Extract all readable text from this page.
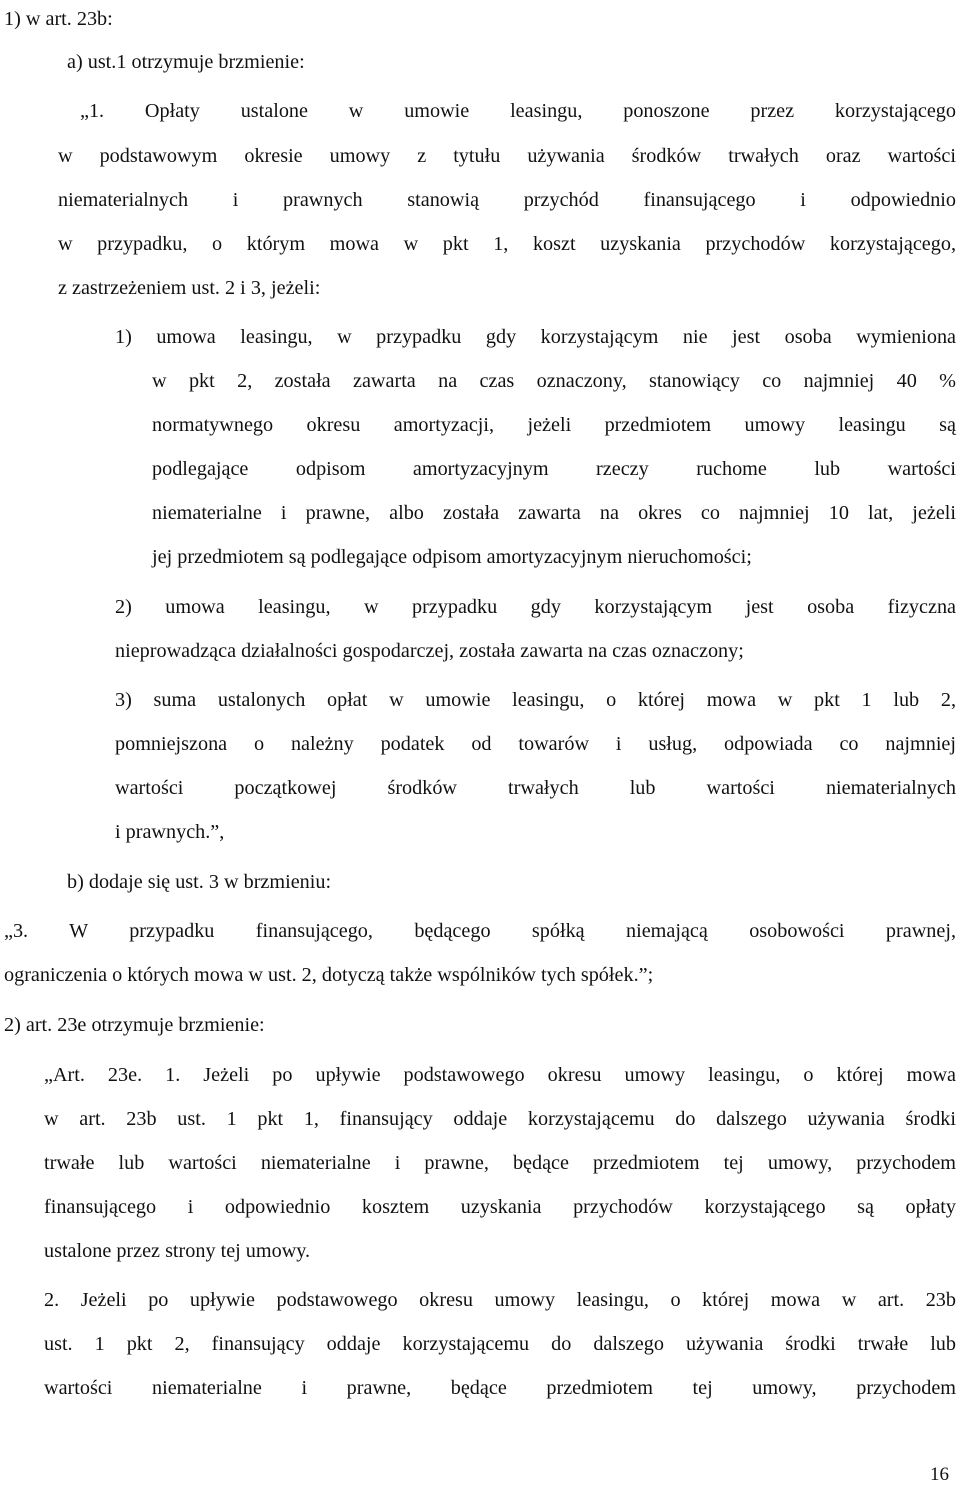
1) w art. 23b:
a) ust.1 otrzymuje brzmienie:
„1. Opłaty ustalone w umowie leasingu, ponoszone przez korzystającego
w podstawowym okresie umowy z tytułu używania środków trwałych oraz wartości
niematerialnych i prawnych stanowią przychód finansującego i odpowiednio
w przypadku, o którym mowa w pkt 1, koszt uzyskania przychodów korzystającego,
z zastrzeżeniem ust. 2 i 3, jeżeli:
1) umowa leasingu, w przypadku gdy korzystającym nie jest osoba wymieniona
w pkt 2, została zawarta na czas oznaczony, stanowiący co najmniej 40 %
normatywnego okresu amortyzacji, jeżeli przedmiotem umowy leasingu są
podlegające odpisom amortyzacyjnym rzeczy ruchome lub wartości
niematerialne i prawne, albo została zawarta na okres co najmniej 10 lat, jeżeli
jej przedmiotem są podlegające odpisom amortyzacyjnym nieruchomości;
2) umowa leasingu, w przypadku gdy korzystającym jest osoba fizyczna
nieprowadząca działalności gospodarczej, została zawarta na czas oznaczony;
3) suma ustalonych opłat w umowie leasingu, o której mowa w pkt 1 lub 2,
pomniejszona o należny podatek od towarów i usług, odpowiada co najmniej
wartości początkowej środków trwałych lub wartości niematerialnych
i prawnych.”,
b) dodaje się ust. 3 w brzmieniu:
„3. W przypadku finansującego, będącego spółką niemającą osobowości prawnej,
ograniczenia o których mowa w ust. 2, dotyczą także wspólników tych spółek.”;
2) art. 23e otrzymuje brzmienie:
„Art. 23e. 1. Jeżeli po upływie podstawowego okresu umowy leasingu, o której mowa
w art. 23b ust. 1 pkt 1, finansujący oddaje korzystającemu do dalszego używania środki
trwałe lub wartości niematerialne i prawne, będące przedmiotem tej umowy, przychodem
finansującego i odpowiednio kosztem uzyskania przychodów korzystającego są opłaty
ustalone przez strony tej umowy.
2. Jeżeli po upływie podstawowego okresu umowy leasingu, o której mowa w art. 23b
ust. 1 pkt 2, finansujący oddaje korzystającemu do dalszego używania środki trwałe lub
wartości niematerialne i prawne, będące przedmiotem tej umowy, przychodem
16
